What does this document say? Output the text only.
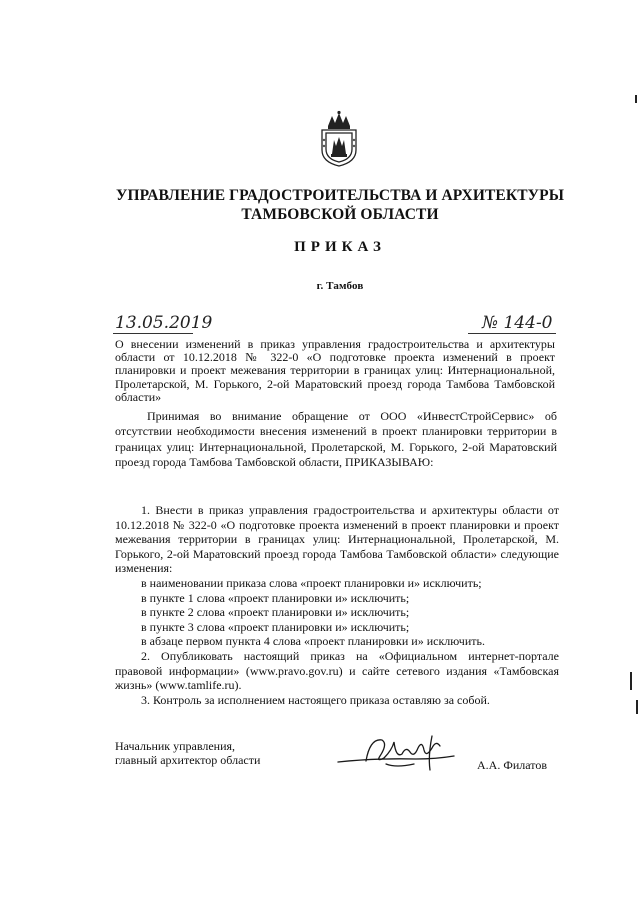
УПРАВЛЕНИЕ ГРАДОСТРОИТЕЛЬСТВА И АРХИТЕКТУРЫ ТАМБОВСКОЙ ОБЛАСТИ
ПРИКАЗ
г. Тамбов
13.05.2019	№ 144-0

О внесении изменений в приказ управления градостроительства и архитектуры области от 10.12.2018 № 322-0 «О подготовке проекта изменений в проект планировки и проект межевания территории в границах улиц: Интернациональной, Пролетарской, М. Горького, 2-ой Маратовский проезд города Тамбова Тамбовской области»

Принимая во внимание обращение от ООО «ИнвестСтройСервис» об отсутствии необходимости внесения изменений в проект планировки территории в границах улиц: Интернациональной, Пролетарской, М. Горького, 2-ой Маратовский проезд города Тамбова Тамбовской области, ПРИКАЗЫВАЮ:

1. Внести в приказ управления градостроительства и архитектуры области от 10.12.2018 № 322-0 «О подготовке проекта изменений в проект планировки и проект межевания территории в границах улиц: Интернациональной, Пролетарской, М. Горького, 2-ой Маратовский проезд города Тамбова Тамбовской области» следующие изменения:

в наименовании приказа слова «проект планировки и» исключить;

в пункте 1 слова «проект планировки и» исключить;

в пункте 2 слова «проект планировки и» исключить;

в пункте 3 слова «проект планировки и» исключить;

в абзаце первом пункта 4 слова «проект планировки и» исключить.

2. Опубликовать настоящий приказ на «Официальном интернет-портале правовой информации» (www.pravo.gov.ru) и сайте сетевого издания «Тамбовская жизнь» (www.tamlife.ru).

3. Контроль за исполнением настоящего приказа оставляю за собой.

Начальник управления,
главный архитектор области	А.А. Филатов
